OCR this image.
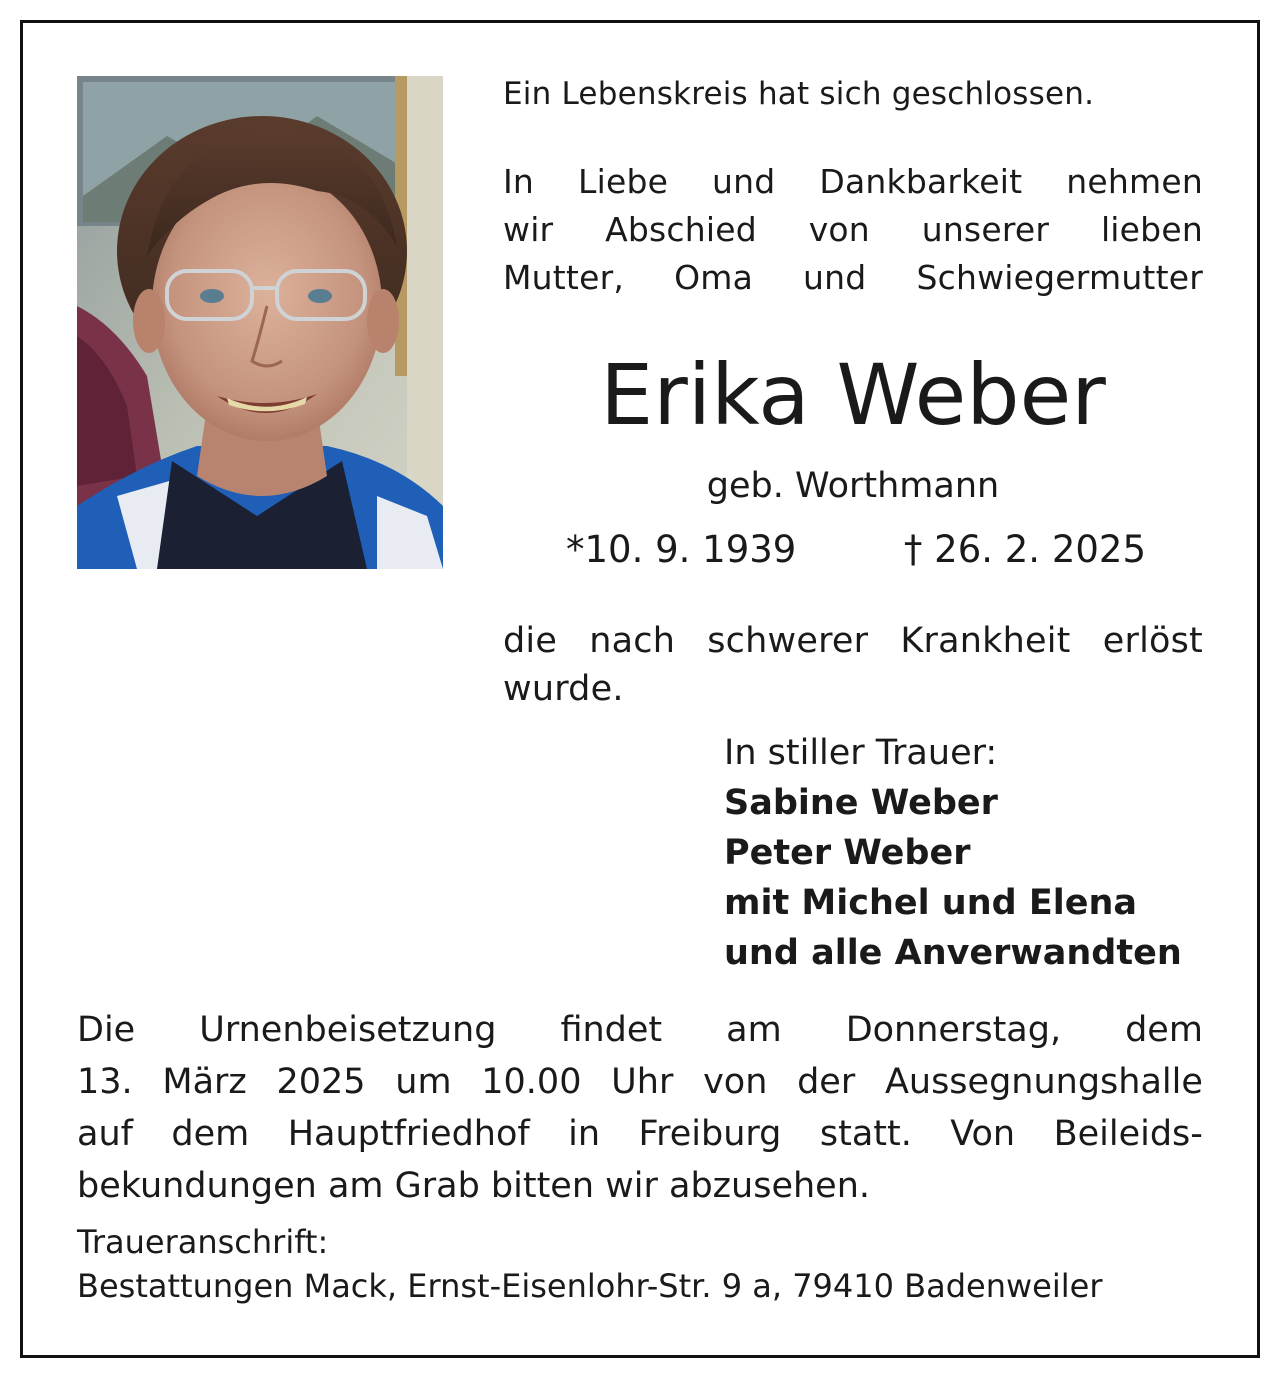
Ein Lebenskreis hat sich geschlossen.
In Liebe und Dankbarkeit nehmen
wir Abschied von unserer lieben
Mutter, Oma und Schwiegermutter
Erika Weber
geb. Worthmann
*10. 9. 1939	† 26. 2. 2025
die nach schwerer Krankheit erlöst
wurde.
In stiller Trauer:
Sabine Weber
Peter Weber
mit Michel und Elena
und alle Anverwandten
Die Urnenbeisetzung findet am Donnerstag, dem
13. März 2025 um 10.00 Uhr von der Aussegnungshalle
auf dem Hauptfriedhof in Freiburg statt. Von Beileids-
bekundungen am Grab bitten wir abzusehen.
Traueranschrift:
Bestattungen Mack, Ernst-Eisenlohr-Str. 9 a, 79410 Badenweiler
